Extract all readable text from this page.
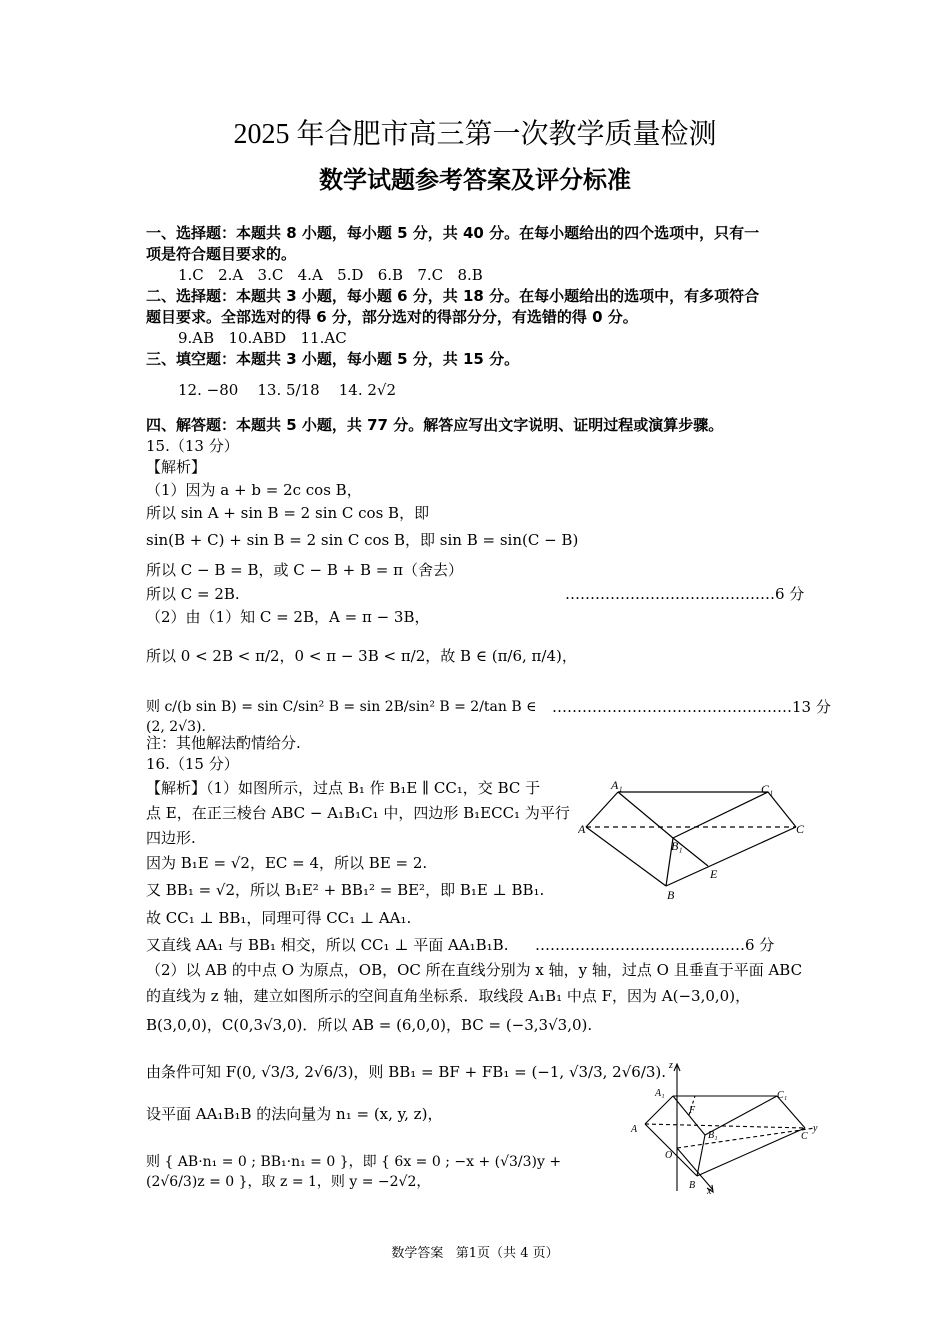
2025 年合肥市高三第一次教学质量检测
数学试题参考答案及评分标准
一、选择题：本题共 8 小题，每小题 5 分，共 40 分。在每小题给出的四个选项中，只有一
项是符合题目要求的。
1.C   2.A   3.C   4.A   5.D   6.B   7.C   8.B
二、选择题：本题共 3 小题，每小题 6 分，共 18 分。在每小题给出的选项中，有多项符合
题目要求。全部选对的得 6 分，部分选对的得部分分，有选错的得 0 分。
9.AB   10.ABD   11.AC
三、填空题：本题共 3 小题，每小题 5 分，共 15 分。
12. −80    13. 5/18    14. 2√2
四、解答题：本题共 5 小题，共 77 分。解答应写出文字说明、证明过程或演算步骤。
15.（13 分）
【解析】
（1）因为 a + b = 2c cos B，
所以 sin A + sin B = 2 sin C cos B，即
sin(B + C) + sin B = 2 sin C cos B，即 sin B = sin(C − B)
所以 C − B = B，或 C − B + B = π（舍去）
所以 C = 2B.	……………………………………6 分
（2）由（1）知 C = 2B，A = π − 3B，
所以 0 < 2B < π/2，0 < π − 3B < π/2，故 B ∈ (π/6, π/4)，
则 c/(b sin B) = sin C/sin² B = sin 2B/sin² B = 2/tan B ∈ (2, 2√3).
…………………………………………13 分
注：其他解法酌情给分.
16.（15 分）
【解析】（1）如图所示，过点 B₁ 作 B₁E ∥ CC₁，交 BC 于
点 E，在正三棱台 ABC − A₁B₁C₁ 中，四边形 B₁ECC₁ 为平行
四边形.
因为 B₁E = √2，EC = 4，所以 BE = 2.
又 BB₁ = √2，所以 B₁E² + BB₁² = BE²，即 B₁E ⊥ BB₁.
故 CC₁ ⊥ BB₁，同理可得 CC₁ ⊥ AA₁.
又直线 AA₁ 与 BB₁ 相交，所以 CC₁ ⊥ 平面 AA₁B₁B. ……………………………………6 分
（2）以 AB 的中点 O 为原点，OB，OC 所在直线分别为 x 轴，y 轴，过点 O 且垂直于平面 ABC
的直线为 z 轴，建立如图所示的空间直角坐标系．取线段 A₁B₁ 中点 F，因为 A(−3,0,0)，
B(3,0,0)，C(0,3√3,0)．所以 AB = (6,0,0)，BC = (−3,3√3,0).
由条件可知 F(0, √3/3, 2√6/3)，则 BB₁ = BF + FB₁ = (−1, √3/3, 2√6/3).
设平面 AA₁B₁B 的法向量为 n₁ = (x, y, z)，
则 { AB·n₁ = 0 ; BB₁·n₁ = 0 }，即 { 6x = 0 ; −x + (√3/3)y + (2√6/3)z = 0 }，取 z = 1，则 y = −2√2，
A₁	C₁
A	C
B₁
E
B
z
A₁	C₁
F
A
B₁	C
y
O
B
x
数学答案   第1页（共 4 页）
